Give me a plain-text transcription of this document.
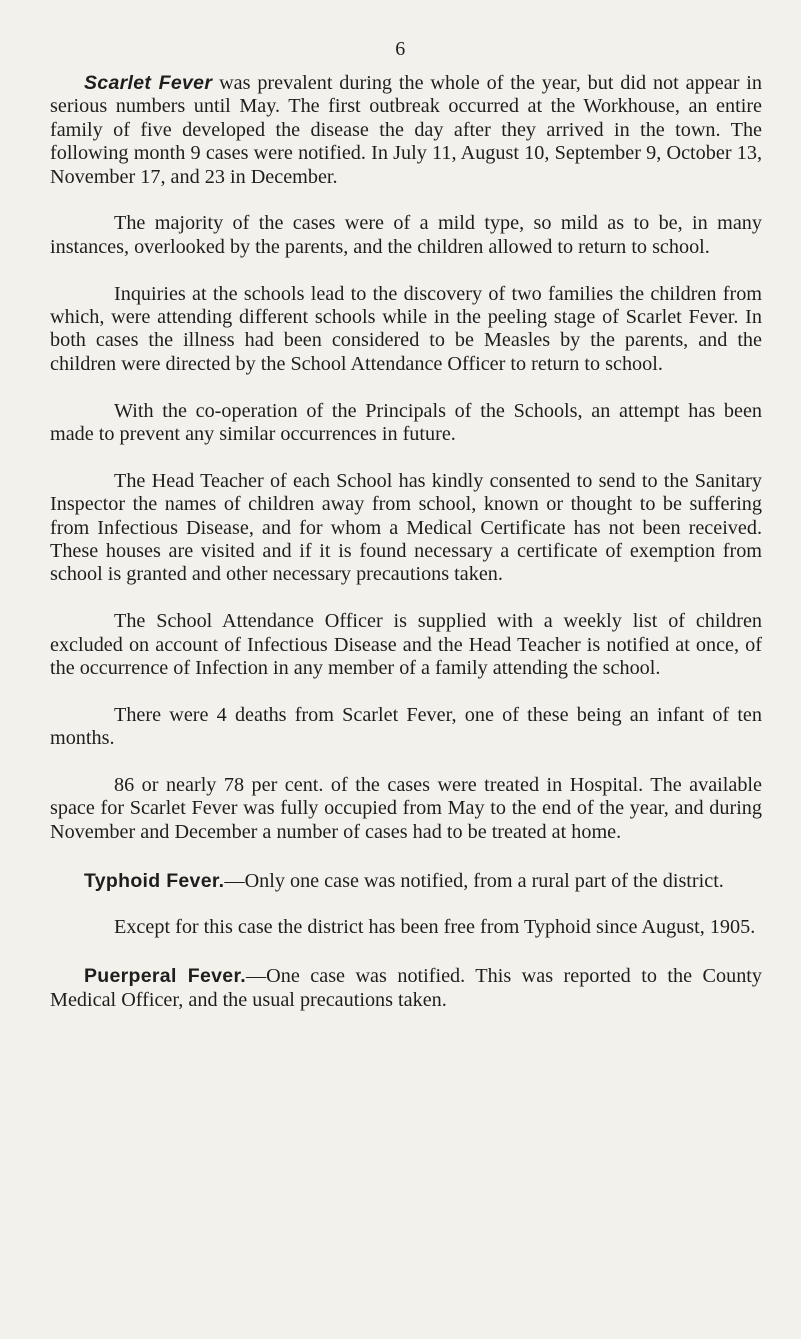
6

Scarlet Fever was prevalent during the whole of the year, but did not appear in serious numbers until May. The first outbreak occurred at the Workhouse, an entire family of five developed the disease the day after they arrived in the town. The following month 9 cases were notified. In July 11, August 10, September 9, October 13, November 17, and 23 in December.

The majority of the cases were of a mild type, so mild as to be, in many instances, overlooked by the parents, and the children allowed to return to school.

Inquiries at the schools lead to the discovery of two families the children from which, were attending different schools while in the peeling stage of Scarlet Fever. In both cases the illness had been considered to be Measles by the parents, and the children were directed by the School Attendance Officer to return to school.

With the co-operation of the Principals of the Schools, an attempt has been made to prevent any similar occurrences in future.

The Head Teacher of each School has kindly consented to send to the Sanitary Inspector the names of children away from school, known or thought to be suffering from Infectious Disease, and for whom a Medical Certificate has not been received. These houses are visited and if it is found necessary a certificate of exemption from school is granted and other necessary precautions taken.

The School Attendance Officer is supplied with a weekly list of children excluded on account of Infectious Disease and the Head Teacher is notified at once, of the occurrence of Infection in any member of a family attending the school.

There were 4 deaths from Scarlet Fever, one of these being an infant of ten months.

86 or nearly 78 per cent. of the cases were treated in Hospital. The available space for Scarlet Fever was fully occupied from May to the end of the year, and during November and December a number of cases had to be treated at home.

Typhoid Fever.—Only one case was notified, from a rural part of the district.

Except for this case the district has been free from Typhoid since August, 1905.

Puerperal Fever.—One case was notified. This was reported to the County Medical Officer, and the usual precautions taken.
